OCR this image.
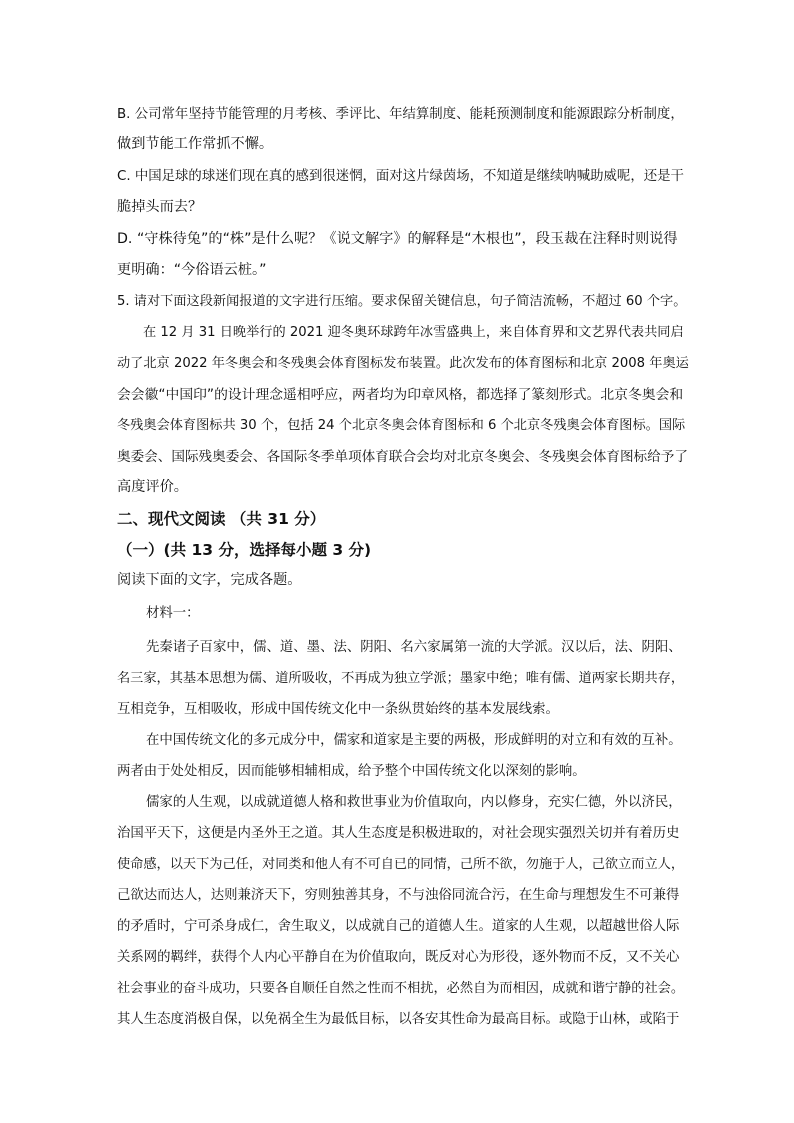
B. 公司常年坚持节能管理的月考核、季评比、年结算制度、能耗预测制度和能源跟踪分析制度，
做到节能工作常抓不懈。
C. 中国足球的球迷们现在真的感到很迷惘，面对这片绿茵场，不知道是继续呐喊助威呢，还是干
脆掉头而去？
D. “守株待兔”的“株”是什么呢？《说文解字》的解释是“木根也”，段玉裁在注释时则说得
更明确：“今俗语云桩。”
5. 请对下面这段新闻报道的文字进行压缩。要求保留关键信息，句子简洁流畅，不超过 60 个字。
在 12 月 31 日晚举行的 2021 迎冬奥环球跨年冰雪盛典上，来自体育界和文艺界代表共同启
动了北京 2022 年冬奥会和冬残奥会体育图标发布装置。此次发布的体育图标和北京 2008 年奥运
会会徽“中国印”的设计理念遥相呼应，两者均为印章风格，都选择了篆刻形式。北京冬奥会和
冬残奥会体育图标共 30 个，包括 24 个北京冬奥会体育图标和 6 个北京冬残奥会体育图标。国际
奥委会、国际残奥委会、各国际冬季单项体育联合会均对北京冬奥会、冬残奥会体育图标给予了
高度评价。
二、现代文阅读 （共 31 分）
（一）(共 13 分，选择每小题 3 分)
阅读下面的文字，完成各题。
材料一：
先秦诸子百家中，儒、道、墨、法、阴阳、名六家属第一流的大学派。汉以后，法、阴阳、
名三家，其基本思想为儒、道所吸收，不再成为独立学派；墨家中绝；唯有儒、道两家长期共存，
互相竞争，互相吸收，形成中国传统文化中一条纵贯始终的基本发展线索。
在中国传统文化的多元成分中，儒家和道家是主要的两极，形成鲜明的对立和有效的互补。
两者由于处处相反，因而能够相辅相成，给予整个中国传统文化以深刻的影响。
儒家的人生观，以成就道德人格和救世事业为价值取向，内以修身，充实仁德，外以济民，
治国平天下，这便是内圣外王之道。其人生态度是积极进取的，对社会现实强烈关切并有着历史
使命感，以天下为己任，对同类和他人有不可自已的同情，己所不欲，勿施于人，己欲立而立人，
己欲达而达人，达则兼济天下，穷则独善其身，不与浊俗同流合污，在生命与理想发生不可兼得
的矛盾时，宁可杀身成仁，舍生取义，以成就自己的道德人生。道家的人生观，以超越世俗人际
关系网的羁绊，获得个人内心平静自在为价值取向，既反对心为形役，逐外物而不反，又不关心
社会事业的奋斗成功，只要各自顺任自然之性而不相扰，必然自为而相因，成就和谐宁静的社会。
其人生态度消极自保，以免祸全生为最低目标，以各安其性命为最高目标。或隐于山林，或陷于
